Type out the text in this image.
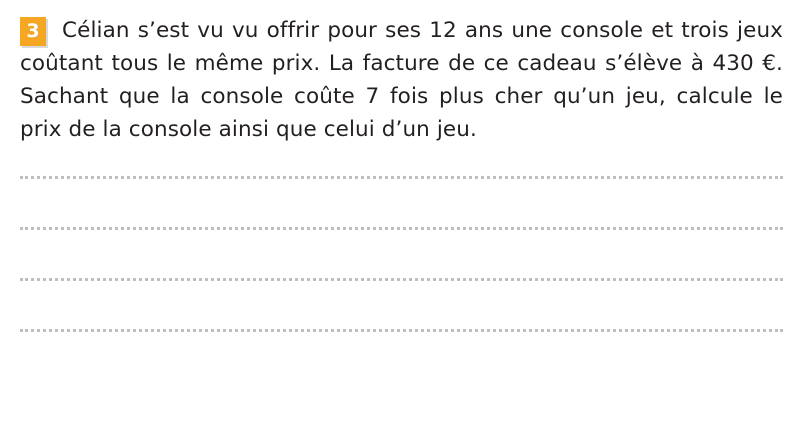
3	Célian s’est vu vu offrir pour ses 12 ans une console et trois jeux coûtant tous le même prix. La facture de ce cadeau s’élève à 430 €. Sachant que la console coûte 7 fois plus cher qu’un jeu, calcule le prix de la console ainsi que celui d’un jeu.
